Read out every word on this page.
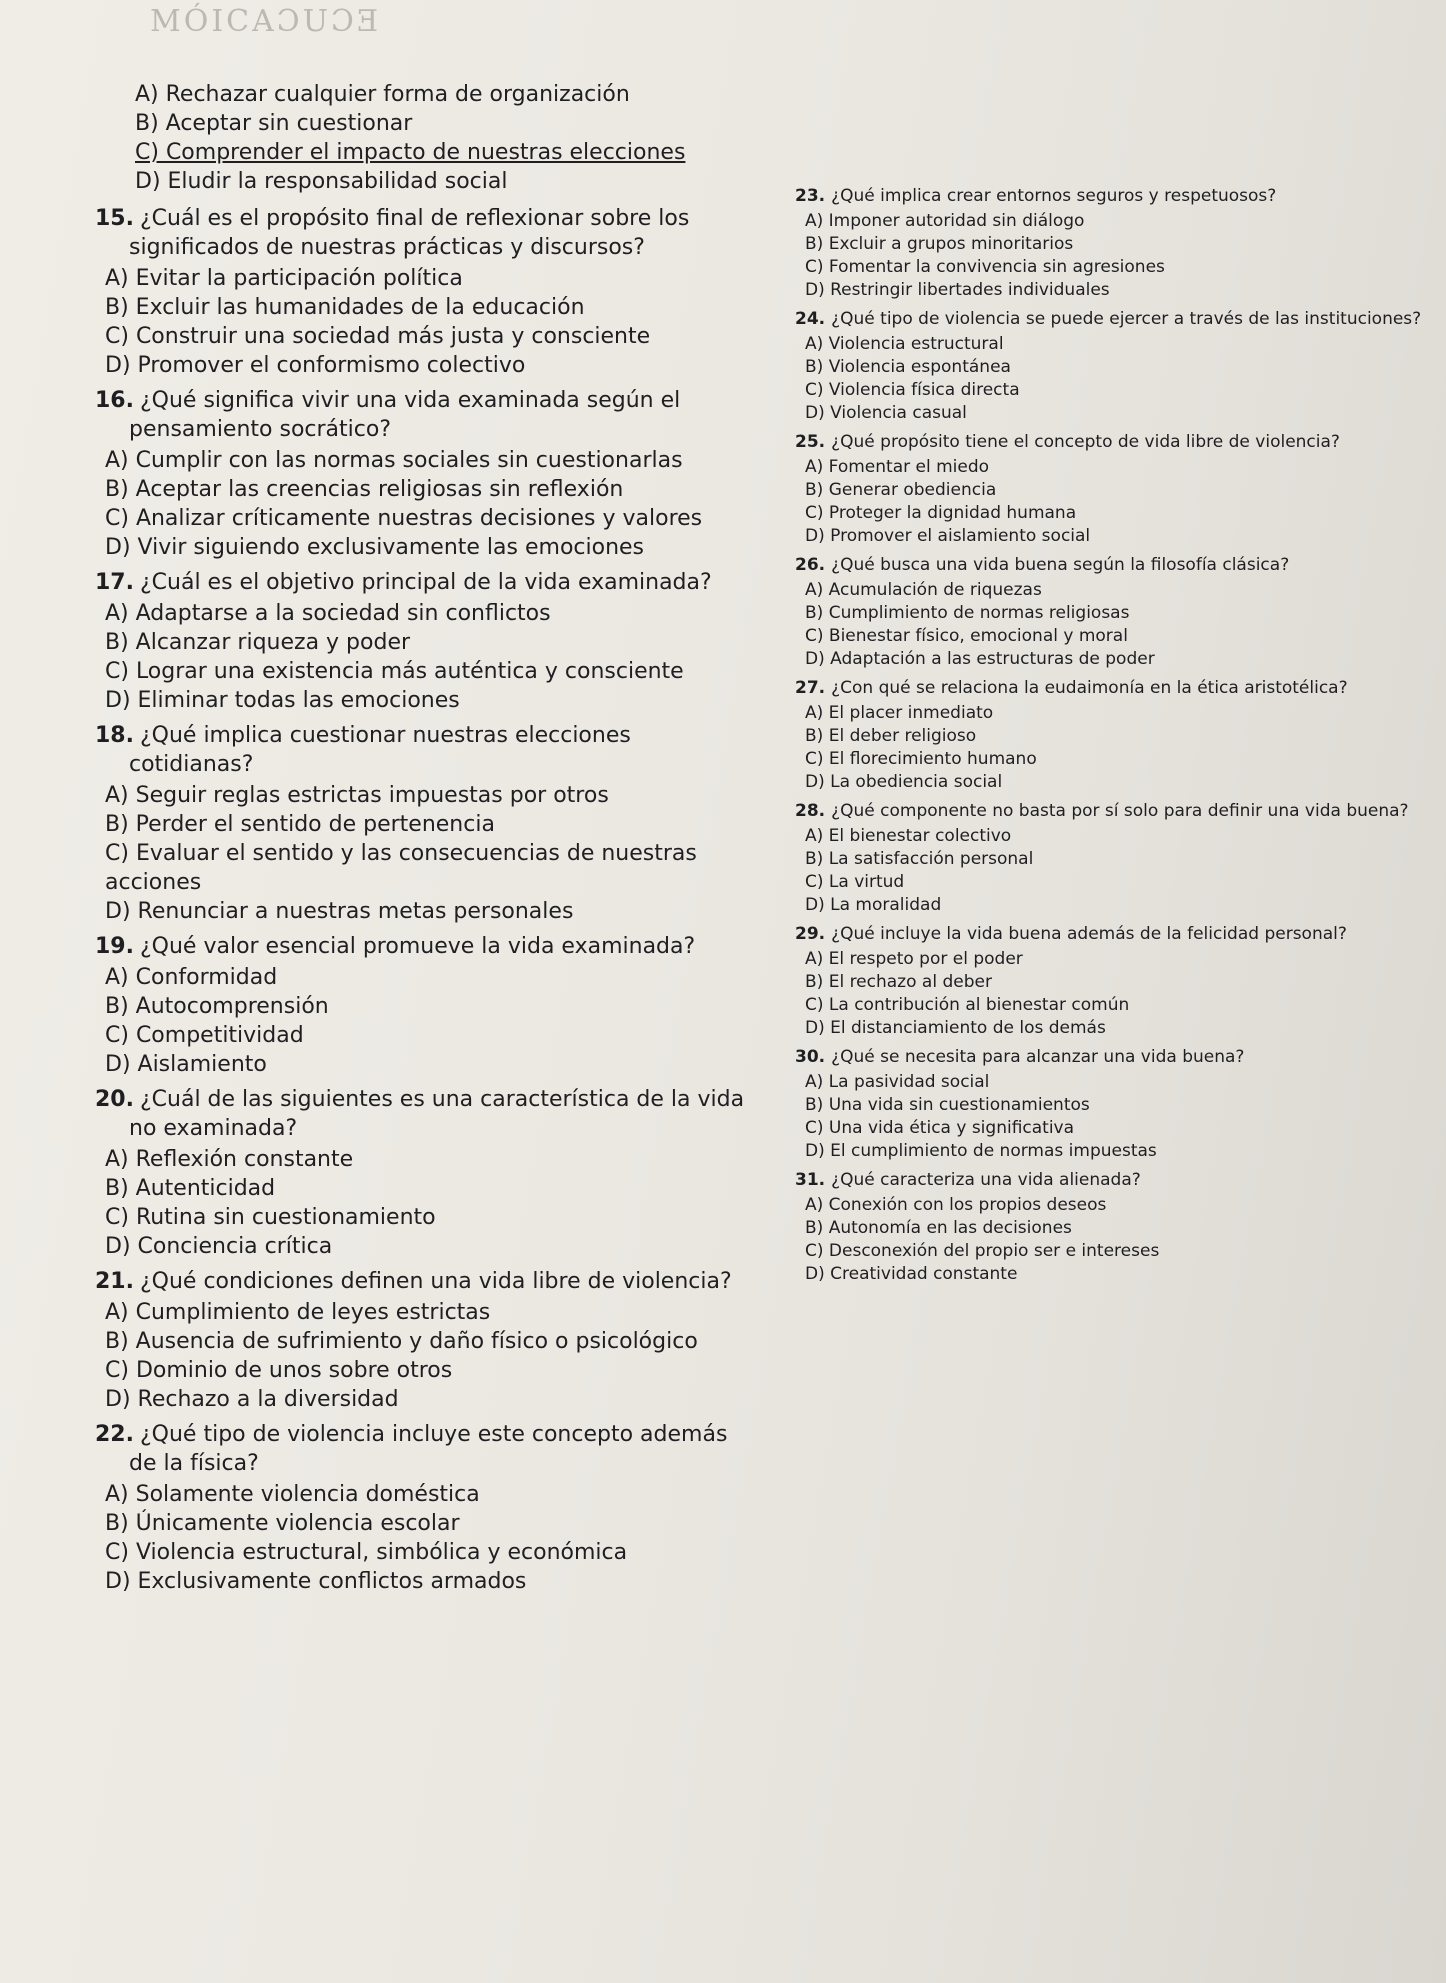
MÓICAƆUƆƎ
A) Rechazar cualquier forma de organización
B) Aceptar sin cuestionar
C) Comprender el impacto de nuestras elecciones
D) Eludir la responsabilidad social
15. ¿Cuál es el propósito final de reflexionar sobre los significados de nuestras prácticas y discursos?
A) Evitar la participación política
B) Excluir las humanidades de la educación
C) Construir una sociedad más justa y consciente
D) Promover el conformismo colectivo
16. ¿Qué significa vivir una vida examinada según el pensamiento socrático?
A) Cumplir con las normas sociales sin cuestionarlas
B) Aceptar las creencias religiosas sin reflexión
C) Analizar críticamente nuestras decisiones y valores
D) Vivir siguiendo exclusivamente las emociones
17. ¿Cuál es el objetivo principal de la vida examinada?
A) Adaptarse a la sociedad sin conflictos
B) Alcanzar riqueza y poder
C) Lograr una existencia más auténtica y consciente
D) Eliminar todas las emociones
18. ¿Qué implica cuestionar nuestras elecciones cotidianas?
A) Seguir reglas estrictas impuestas por otros
B) Perder el sentido de pertenencia
C) Evaluar el sentido y las consecuencias de nuestras acciones
D) Renunciar a nuestras metas personales
19. ¿Qué valor esencial promueve la vida examinada?
A) Conformidad
B) Autocomprensión
C) Competitividad
D) Aislamiento
20. ¿Cuál de las siguientes es una característica de la vida no examinada?
A) Reflexión constante
B) Autenticidad
C) Rutina sin cuestionamiento
D) Conciencia crítica
21. ¿Qué condiciones definen una vida libre de violencia?
A) Cumplimiento de leyes estrictas
B) Ausencia de sufrimiento y daño físico o psicológico
C) Dominio de unos sobre otros
D) Rechazo a la diversidad
22. ¿Qué tipo de violencia incluye este concepto además de la física?
A) Solamente violencia doméstica
B) Únicamente violencia escolar
C) Violencia estructural, simbólica y económica
D) Exclusivamente conflictos armados
23. ¿Qué implica crear entornos seguros y respetuosos?
A) Imponer autoridad sin diálogo
B) Excluir a grupos minoritarios
C) Fomentar la convivencia sin agresiones
D) Restringir libertades individuales
24. ¿Qué tipo de violencia se puede ejercer a través de las instituciones?
A) Violencia estructural
B) Violencia espontánea
C) Violencia física directa
D) Violencia casual
25. ¿Qué propósito tiene el concepto de vida libre de violencia?
A) Fomentar el miedo
B) Generar obediencia
C) Proteger la dignidad humana
D) Promover el aislamiento social
26. ¿Qué busca una vida buena según la filosofía clásica?
A) Acumulación de riquezas
B) Cumplimiento de normas religiosas
C) Bienestar físico, emocional y moral
D) Adaptación a las estructuras de poder
27. ¿Con qué se relaciona la eudaimonía en la ética aristotélica?
A) El placer inmediato
B) El deber religioso
C) El florecimiento humano
D) La obediencia social
28. ¿Qué componente no basta por sí solo para definir una vida buena?
A) El bienestar colectivo
B) La satisfacción personal
C) La virtud
D) La moralidad
29. ¿Qué incluye la vida buena además de la felicidad personal?
A) El respeto por el poder
B) El rechazo al deber
C) La contribución al bienestar común
D) El distanciamiento de los demás
30. ¿Qué se necesita para alcanzar una vida buena?
A) La pasividad social
B) Una vida sin cuestionamientos
C) Una vida ética y significativa
D) El cumplimiento de normas impuestas
31. ¿Qué caracteriza una vida alienada?
A) Conexión con los propios deseos
B) Autonomía en las decisiones
C) Desconexión del propio ser e intereses
D) Creatividad constante
